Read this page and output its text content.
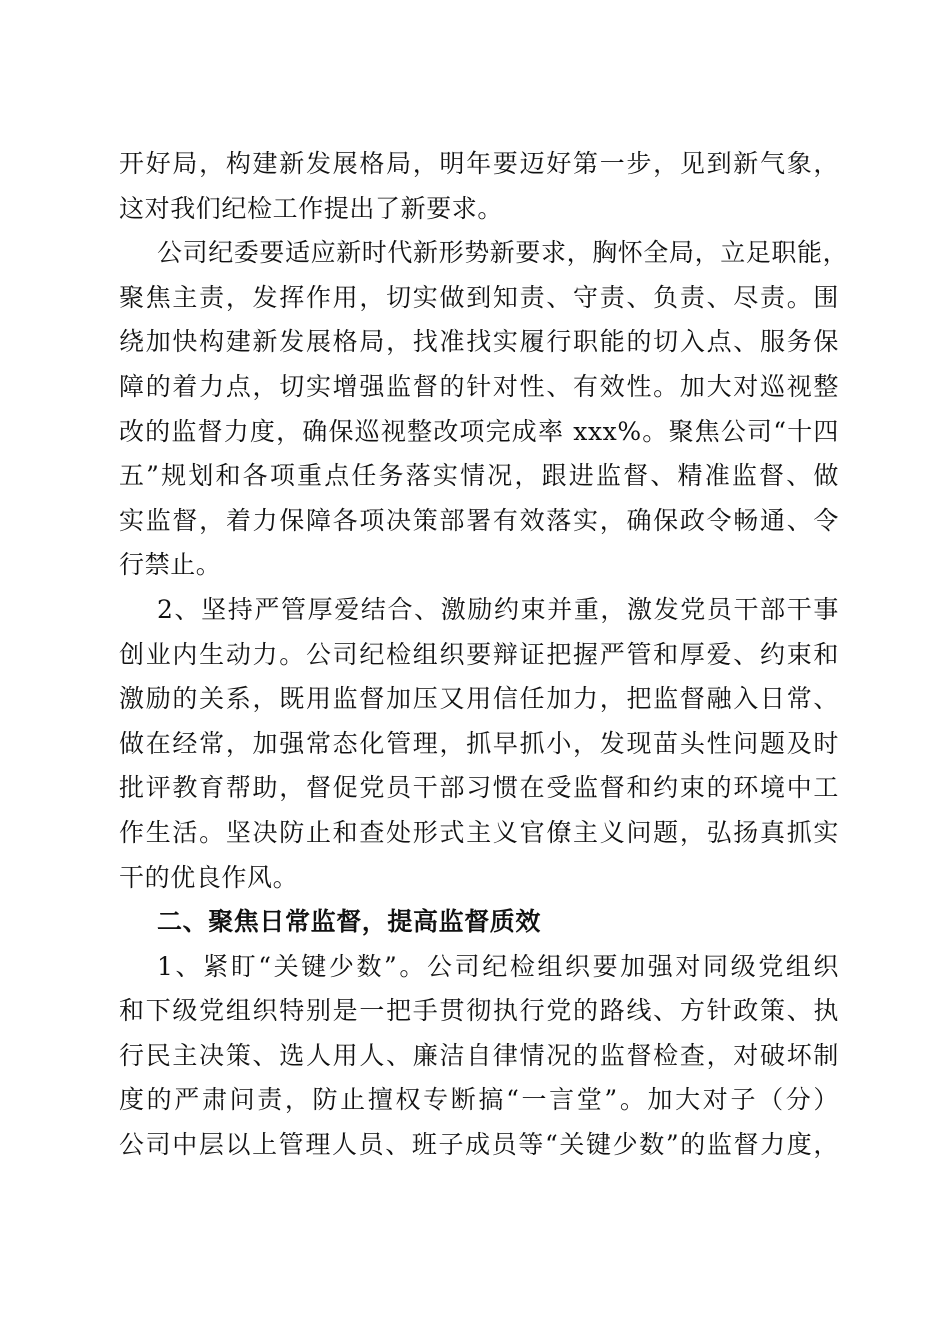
开好局，构建新发展格局，明年要迈好第一步，见到新气象，
这对我们纪检工作提出了新要求。
公司纪委要适应新时代新形势新要求，胸怀全局，立足职能，
聚焦主责，发挥作用，切实做到知责、守责、负责、尽责。围
绕加快构建新发展格局，找准找实履行职能的切入点、服务保
障的着力点，切实增强监督的针对性、有效性。加大对巡视整
改的监督力度，确保巡视整改项完成率 xxx%。聚焦公司“十四
五”规划和各项重点任务落实情况，跟进监督、精准监督、做
实监督，着力保障各项决策部署有效落实，确保政令畅通、令
行禁止。
2、坚持严管厚爱结合、激励约束并重，激发党员干部干事
创业内生动力。公司纪检组织要辩证把握严管和厚爱、约束和
激励的关系，既用监督加压又用信任加力，把监督融入日常、
做在经常，加强常态化管理，抓早抓小，发现苗头性问题及时
批评教育帮助，督促党员干部习惯在受监督和约束的环境中工
作生活。坚决防止和查处形式主义官僚主义问题，弘扬真抓实
干的优良作风。
二、聚焦日常监督，提高监督质效
1、紧盯“关键少数”。公司纪检组织要加强对同级党组织
和下级党组织特别是一把手贯彻执行党的路线、方针政策、执
行民主决策、选人用人、廉洁自律情况的监督检查，对破坏制
度的严肃问责，防止擅权专断搞“一言堂”。加大对子（分）
公司中层以上管理人员、班子成员等“关键少数”的监督力度，
